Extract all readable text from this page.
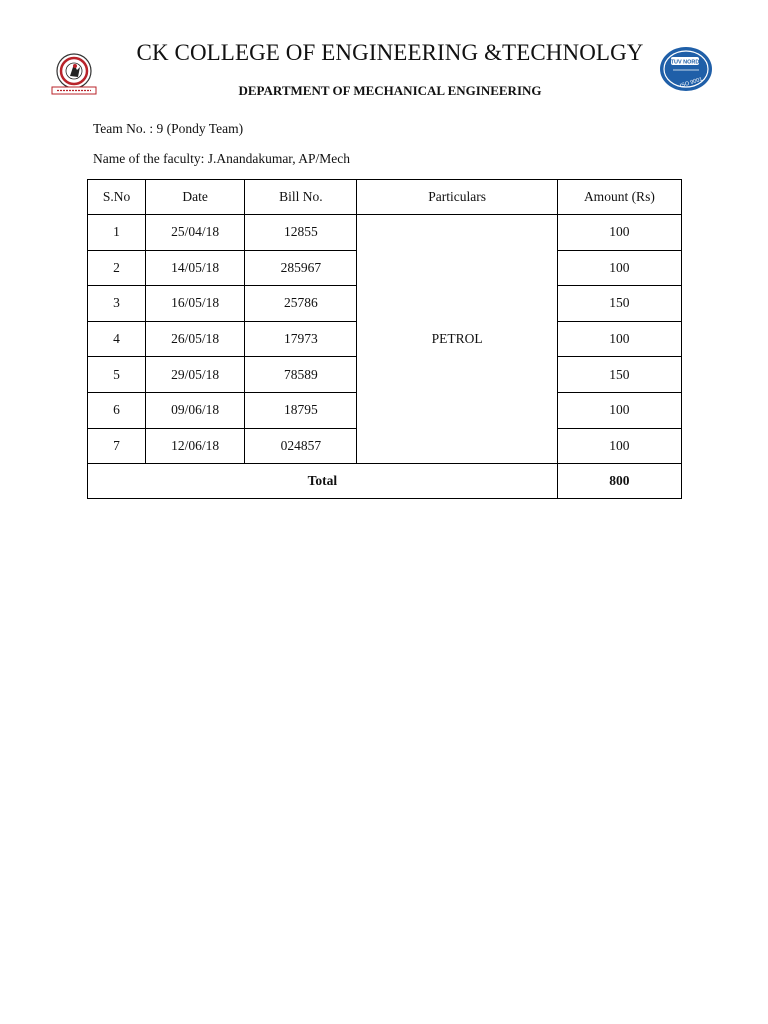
TUV NORD
ISO 9001
CK COLLEGE OF ENGINEERING &TECHNOLGY
DEPARTMENT OF MECHANICAL ENGINEERING
Team No. : 9 (Pondy Team)
Name of the faculty: J.Anandakumar, AP/Mech
S.No	Date	Bill No.	Particulars	Amount (Rs)
1	25/04/18	12855	PETROL	100
2	14/05/18	285967		100
3	16/05/18	25786		150
4	26/05/18	17973		100
5	29/05/18	78589		150
6	09/06/18	18795		100
7	12/06/18	024857		100
Total				800
